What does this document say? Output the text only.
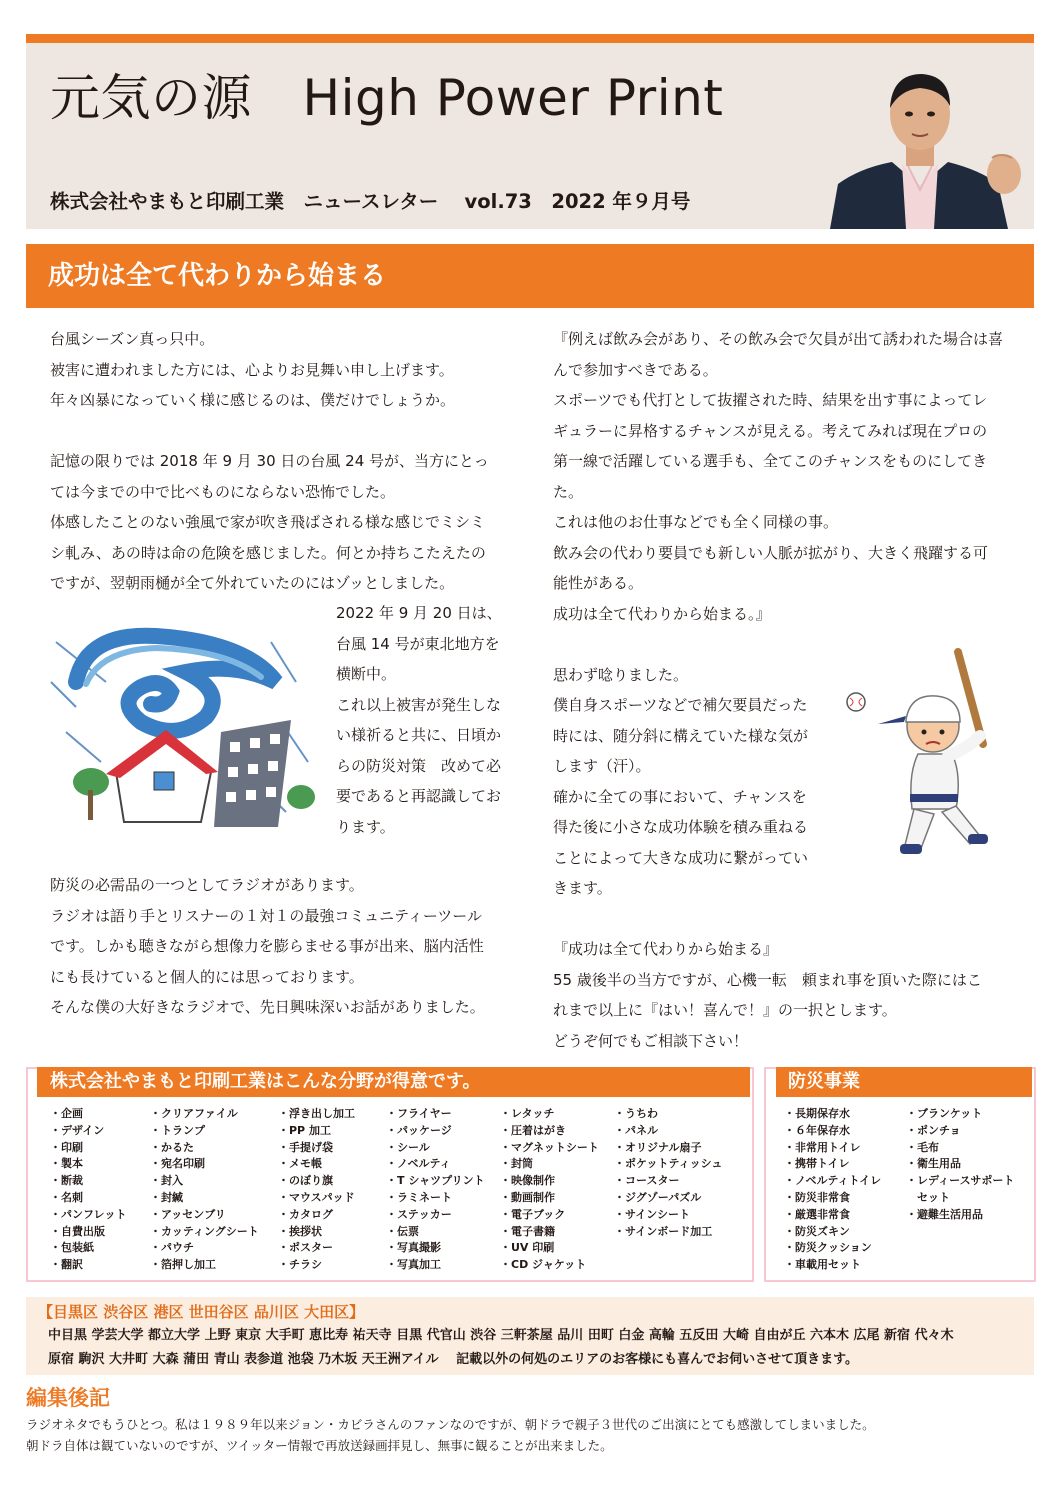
元気の源　High Power Print
株式会社やまもと印刷工業　ニュースレター　 vol.73　2022 年９月号
成功は全て代わりから始まる

台風シーズン真っ只中。

被害に遭われました方には、心よりお見舞い申し上げます。

年々凶暴になっていく様に感じるのは、僕だけでしょうか。

記憶の限りでは 2018 年 9 月 30 日の台風 24 号が、当方にとっ

ては今までの中で比べものにならない恐怖でした。

体感したことのない強風で家が吹き飛ばされる様な感じでミシミ

シ軋み、あの時は命の危険を感じました。何とか持ちこたえたの

ですが、翌朝雨樋が全て外れていたのにはゾッとしました。

2022 年 9 月 20 日は、

台風 14 号が東北地方を

横断中。

これ以上被害が発生しな

い様祈ると共に、日頃か

らの防災対策　改めて必

要であると再認識してお

ります。

防災の必需品の一つとしてラジオがあります。

ラジオは語り手とリスナーの１対１の最強コミュニティーツール

です。しかも聴きながら想像力を膨らませる事が出来、脳内活性

にも長けていると個人的には思っております。

そんな僕の大好きなラジオで、先日興味深いお話がありました。

『例えば飲み会があり、その飲み会で欠員が出て誘われた場合は喜

んで参加すべきである。

スポーツでも代打として抜擢された時、結果を出す事によってレ

ギュラーに昇格するチャンスが見える。考えてみれば現在プロの

第一線で活躍している選手も、全てこのチャンスをものにしてき

た。

これは他のお仕事などでも全く同様の事。

飲み会の代わり要員でも新しい人脈が拡がり、大きく飛躍する可

能性がある。

成功は全て代わりから始まる。』

思わず唸りました。

僕自身スポーツなどで補欠要員だった

時には、随分斜に構えていた様な気が

します（汗）。

確かに全ての事において、チャンスを

得た後に小さな成功体験を積み重ねる

ことによって大きな成功に繋がってい

きます。

『成功は全て代わりから始まる』

55 歳後半の当方ですが、心機一転　頼まれ事を頂いた際にはこ

れまで以上に『はい！喜んで！』の一択とします。

どうぞ何でもご相談下さい！

株式会社やまもと印刷工業はこんな分野が得意です。
・企画
・デザイン
・印刷
・製本
・断裁
・名刺
・パンフレット
・自費出版
・包装紙
・翻訳
・クリアファイル
・トランプ
・かるた
・宛名印刷
・封入
・封緘
・アッセンブリ
・カッティングシート
・パウチ
・箔押し加工
・浮き出し加工
・PP 加工
・手提げ袋
・メモ帳
・のぼり旗
・マウスパッド
・カタログ
・挨拶状
・ポスター
・チラシ
・フライヤー
・パッケージ
・シール
・ノベルティ
・T シャツプリント
・ラミネート
・ステッカー
・伝票
・写真撮影
・写真加工
・レタッチ
・圧着はがき
・マグネットシート
・封筒
・映像制作
・動画制作
・電子ブック
・電子書籍
・UV 印刷
・CD ジャケット
・うちわ
・パネル
・オリジナル扇子
・ポケットティッシュ
・コースター
・ジグゾーパズル
・サインシート
・サインボード加工
防災事業
・長期保存水
・６年保存水
・非常用トイレ
・携帯トイレ
・ノベルティトイレ
・防災非常食
・厳選非常食
・防災ズキン
・防災クッション
・車載用セット
・ブランケット
・ポンチョ
・毛布
・衛生用品
・レディースサポート
　セット
・避難生活用品
【目黒区 渋谷区 港区 世田谷区 品川区 大田区】
中目黒 学芸大学 都立大学 上野 東京 大手町 恵比寿 祐天寺 目黒 代官山 渋谷 三軒茶屋 品川 田町 白金 高輪 五反田 大崎 自由が丘 六本木 広尾 新宿 代々木
原宿 駒沢 大井町 大森 蒲田 青山 表参道 池袋 乃木坂 天王洲アイル　 記載以外の何処のエリアのお客様にも喜んでお伺いさせて頂きます。
編集後記

ラジオネタでもうひとつ。私は１９８９年以来ジョン・カビラさんのファンなのですが、朝ドラで親子３世代のご出演にとても感激してしまいました。

朝ドラ自体は観ていないのですが、ツイッター情報で再放送録画拝見し、無事に観ることが出来ました。
